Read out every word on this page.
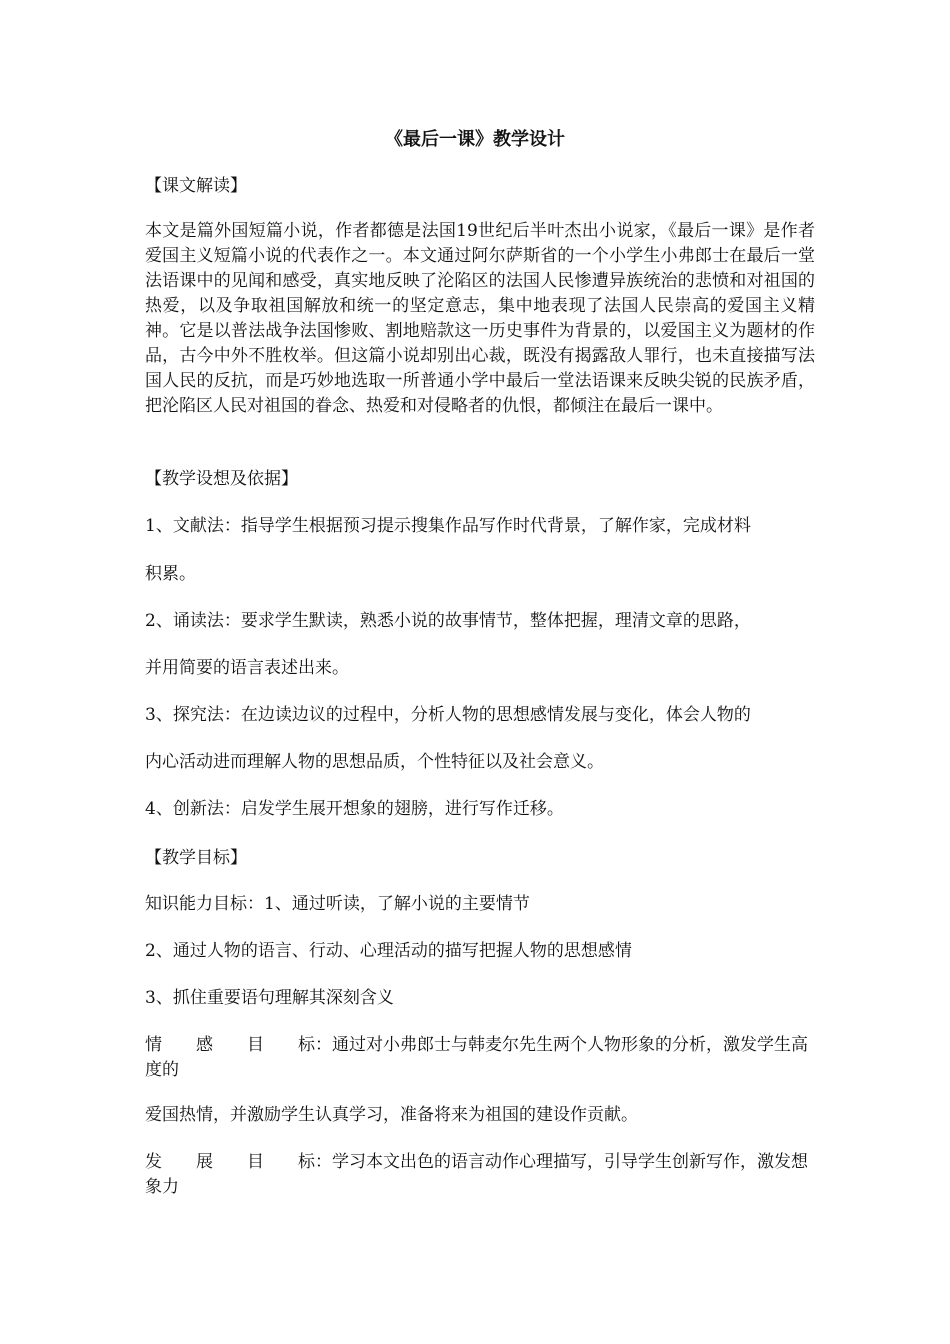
《最后一课》教学设计
【课文解读】
本文是篇外国短篇小说，作者都德是法国19世纪后半叶杰出小说家，《最后一课》是作者爱国主义短篇小说的代表作之一。本文通过阿尔萨斯省的一个小学生小弗郎士在最后一堂法语课中的见闻和感受，真实地反映了沦陷区的法国人民惨遭异族统治的悲愤和对祖国的热爱，以及争取祖国解放和统一的坚定意志，集中地表现了法国人民崇高的爱国主义精神。它是以普法战争法国惨败、割地赔款这一历史事件为背景的，以爱国主义为题材的作品，古今中外不胜枚举。但这篇小说却别出心裁，既没有揭露敌人罪行，也未直接描写法国人民的反抗，而是巧妙地选取一所普通小学中最后一堂法语课来反映尖锐的民族矛盾，把沦陷区人民对祖国的眷念、热爱和对侵略者的仇恨，都倾注在最后一课中。
【教学设想及依据】
1、文献法：指导学生根据预习提示搜集作品写作时代背景，了解作家，完成材料
积累。
2、诵读法：要求学生默读，熟悉小说的故事情节，整体把握，理清文章的思路，
并用简要的语言表述出来。
3、探究法：在边读边议的过程中，分析人物的思想感情发展与变化，体会人物的
内心活动进而理解人物的思想品质，个性特征以及社会意义。
4、创新法：启发学生展开想象的翅膀，进行写作迁移。
【教学目标】
知识能力目标：1、通过听读，了解小说的主要情节
2、通过人物的语言、行动、心理活动的描写把握人物的思想感情
3、抓住重要语句理解其深刻含义
情感目标：通过对小弗郎士与韩麦尔先生两个人物形象的分析，激发学生高度的
爱国热情，并激励学生认真学习，准备将来为祖国的建设作贡献。
发展目标：学习本文出色的语言动作心理描写，引导学生创新写作，激发想象力
